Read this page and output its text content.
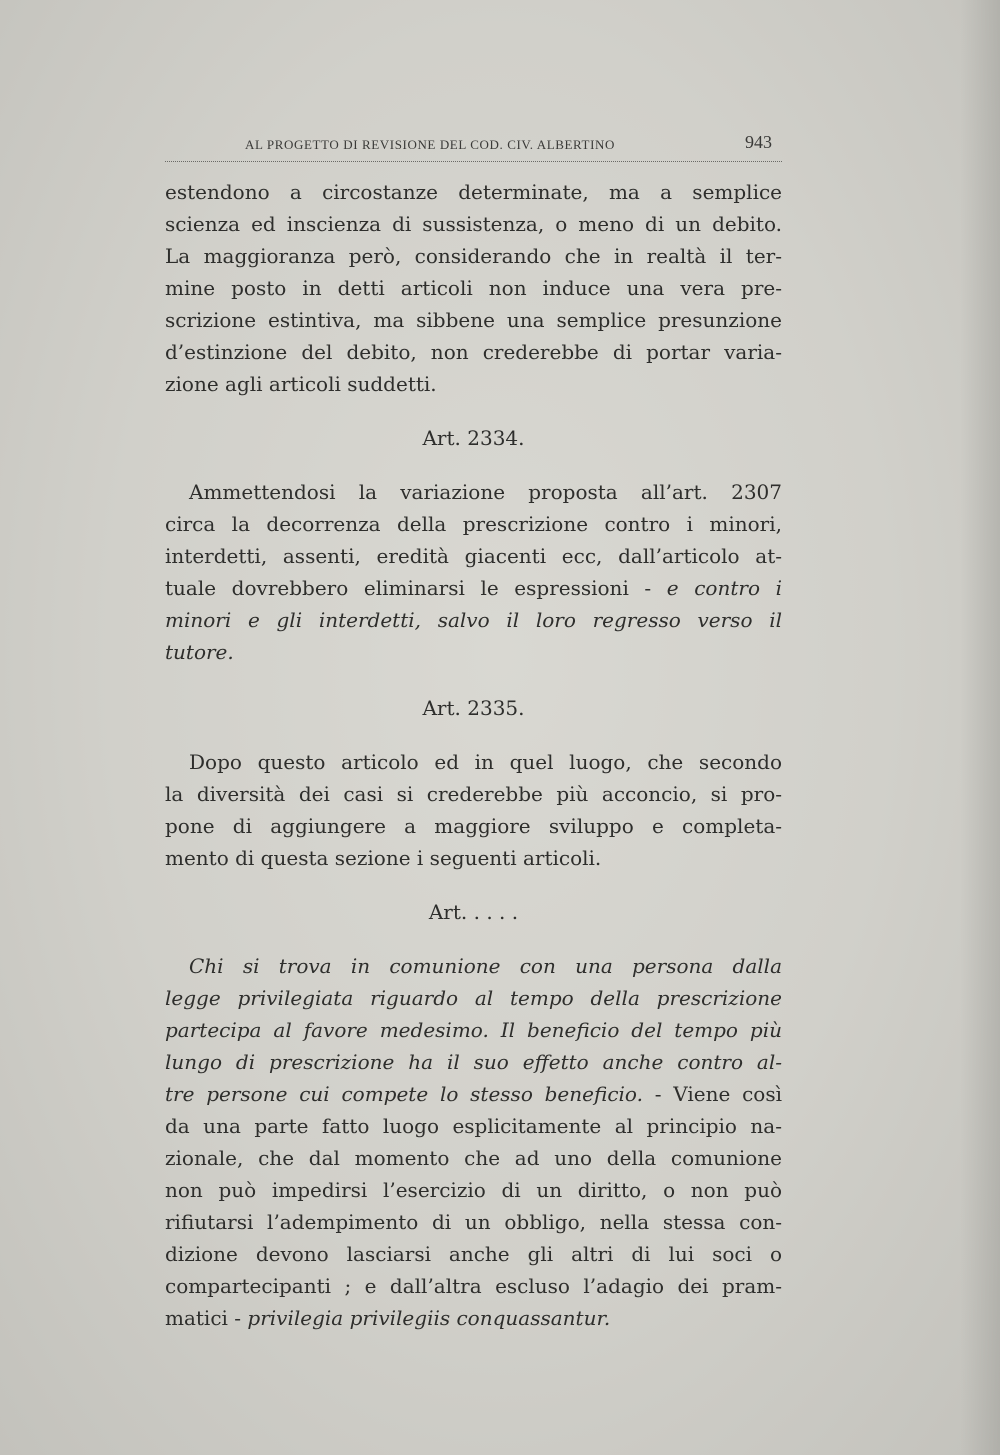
AL PROGETTO DI REVISIONE DEL COD. CIV. ALBERTINO	943
estendono a circostanze determinate, ma a semplice
scienza ed inscienza di sussistenza, o meno di un debito.
La maggioranza però, considerando che in realtà il ter-
mine posto in detti articoli non induce una vera pre-
scrizione estintiva, ma sibbene una semplice presunzione
d’estinzione del debito, non crederebbe di portar varia-
zione agli articoli suddetti.
Art. 2334.
Ammettendosi la variazione proposta all’art. 2307
circa la decorrenza della prescrizione contro i minori,
interdetti, assenti, eredità giacenti ecc, dall’articolo at-
tuale dovrebbero eliminarsi le espressioni - e contro i
minori e gli interdetti, salvo il loro regresso verso il
tutore.
Art. 2335.
Dopo questo articolo ed in quel luogo, che secondo
la diversità dei casi si crederebbe più acconcio, si pro-
pone di aggiungere a maggiore sviluppo e completa-
mento di questa sezione i seguenti articoli.
Art. . . . .
Chi si trova in comunione con una persona dalla
legge privilegiata riguardo al tempo della prescrizione
partecipa al favore medesimo. Il beneficio del tempo più
lungo di prescrizione ha il suo effetto anche contro al-
tre persone cui compete lo stesso beneficio. - Viene così
da una parte fatto luogo esplicitamente al principio na-
zionale, che dal momento che ad uno della comunione
non può impedirsi l’esercizio di un diritto, o non può
rifiutarsi l’adempimento di un obbligo, nella stessa con-
dizione devono lasciarsi anche gli altri di lui soci o
compartecipanti ; e dall’altra escluso l’adagio dei pram-
matici - privilegia privilegiis conquassantur.
